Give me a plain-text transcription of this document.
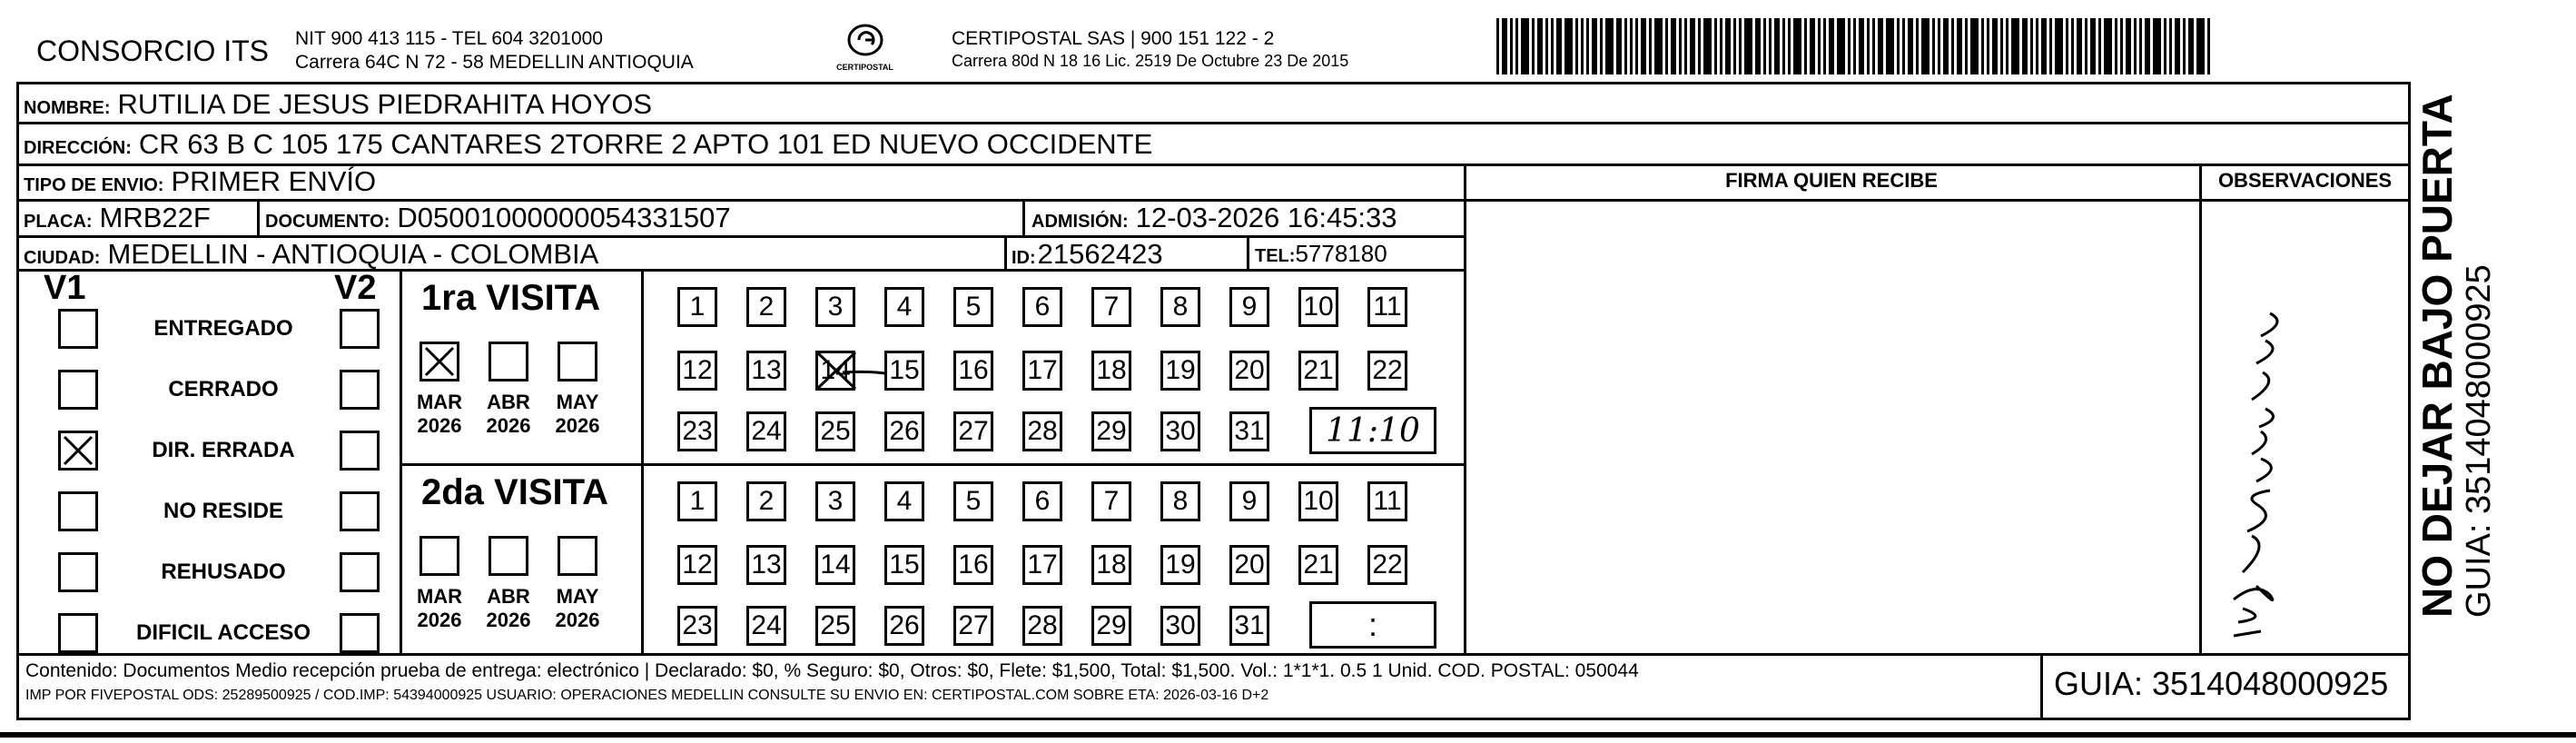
CONSORCIO ITS NIT 900 413 115 - TEL 604 3201000
Carrera 64C N 72 - 58 MEDELLIN ANTIOQUIA	CERTIPOSTAL
CERTIPOSTAL SAS | 900 151 122 - 2
Carrera 80d N 18 16 Lic. 2519 De Octubre 23 De 2015
NOMBRE: RUTILIA DE JESUS PIEDRAHITA HOYOS
DIRECCIÓN: CR 63 B C 105 175 CANTARES 2TORRE 2 APTO 101 ED NUEVO OCCIDENTE
TIPO DE ENVIO: PRIMER ENVÍO
PLACA: MRB22F	DOCUMENTO: D05001000000054331507	ADMISIÓN: 12-03-2026 16:45:33
CIUDAD: MEDELLIN - ANTIOQUIA - COLOMBIA	ID: 21562423	TEL: 5778180
FIRMA QUIEN RECIBE	OBSERVACIONES
V1	V2
ENTREGADO
CERRADO
DIR. ERRADA
NO RESIDE
REHUSADO
DIFICIL ACCESO
1ra VISITA
MAR
2026
ABR
2026
MAY
2026
1	2	3	4	5	6	7	8	9	10 11
12 13 14 15 16 17 18 19 20 21 22
23 24 25 26 27 28 29 30 31	11:10
2da VISITA
MAR
2026
ABR
2026
MAY
2026
1	2	3	4	5	6	7	8	9	10 11
12 13 14 15 16 17 18 19 20 21 22
23 24 25 26 27 28 29 30 31	:
Contenido: Documentos Medio recepción prueba de entrega: electrónico | Declarado: $0, % Seguro: $0, Otros: $0, Flete: $1,500, Total: $1,500. Vol.: 1*1*1. 0.5 1 Unid. COD. POSTAL: 050044
IMP POR FIVEPOSTAL ODS: 25289500925 / COD.IMP: 54394000925 USUARIO: OPERACIONES MEDELLIN CONSULTE SU ENVIO EN: CERTIPOSTAL.COM SOBRE ETA: 2026-03-16 D+2	GUIA: 3514048000925
NO DEJAR BAJO PUERTA GUIA: 3514048000925
